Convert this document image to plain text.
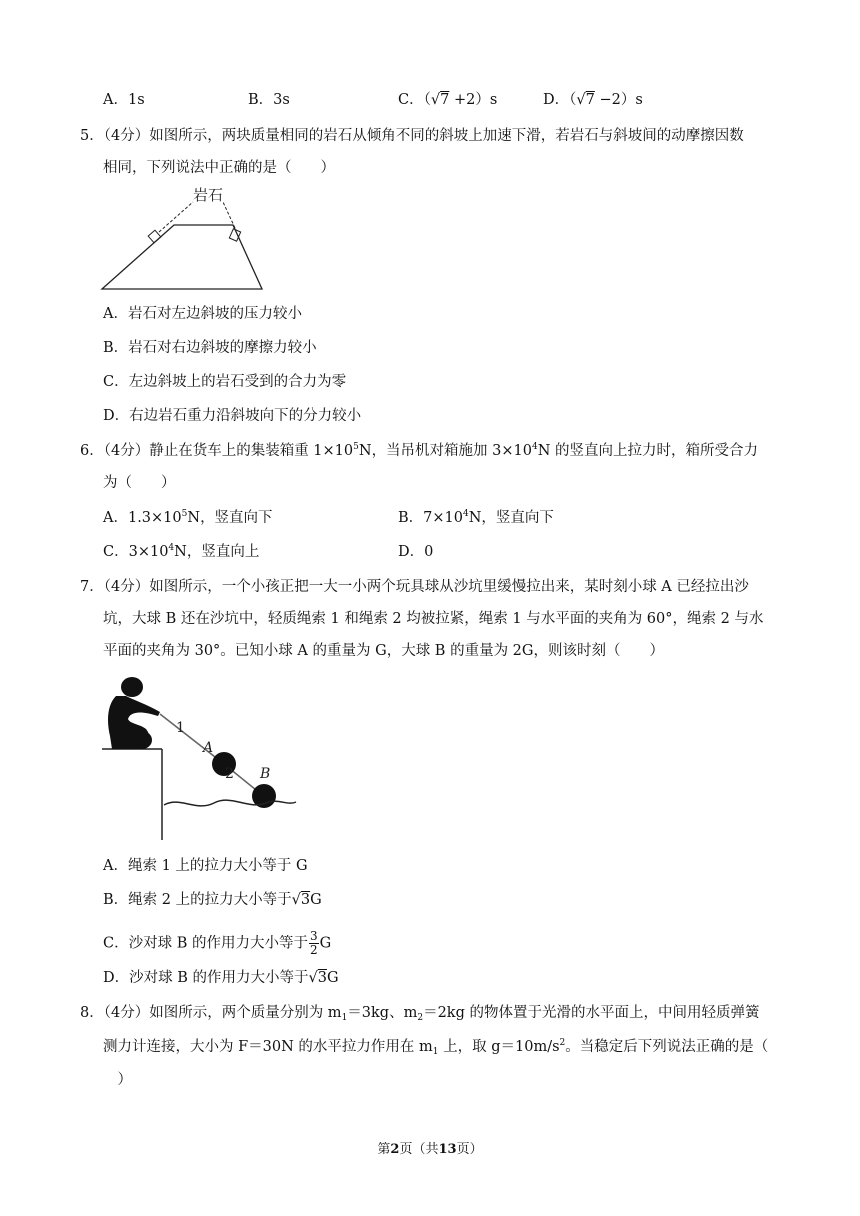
A．1s	B．3s	C．（√7 +2）s	D．（√7 −2）s
5．（4分）如图所示，两块质量相同的岩石从倾角不同的斜坡上加速下滑，若岩石与斜坡间的动摩擦因数
相同，下列说法中正确的是（　　）
岩石
A．岩石对左边斜坡的压力较小
B．岩石对右边斜坡的摩擦力较小
C．左边斜坡上的岩石受到的合力为零
D．右边岩石重力沿斜坡向下的分力较小
6．（4分）静止在货车上的集装箱重 $1\times 10^5N$，当吊机对箱施加 $3\times 10^4N$ 的竖直向上拉力时，箱所受合力
为（　　）
A．$1.3\times 10^5N$，竖直向下	B．$7\times 10^4N$，竖直向下
C．$3\times 10^4N$，竖直向上	D．0
7．（4分）如图所示，一个小孩正把一大一小两个玩具球从沙坑里缓慢拉出来，某时刻小球 A 已经拉出沙
坑，大球 B 还在沙坑中，轻质绳索 1 和绳索 2 均被拉紧，绳索 1 与水平面的夹角为 60°，绳索 2 与水
平面的夹角为 30°。已知小球 A 的重量为 G，大球 B 的重量为 2G，则该时刻（　　）
1
A
2 B
A．绳索 1 上的拉力大小等于 G
B．绳索 2 上的拉力大小等于√3G
C．沙对球 B 的作用力大小等于 $\frac{3}{2}$ G
D．沙对球 B 的作用力大小等于√3G
8．（4分）如图所示，两个质量分别为 $m_1=3kg$、$m_2=2kg$ 的物体置于光滑的水平面上，中间用轻质弹簧
测力计连接，大小为 F＝30N 的水平拉力作用在 $m_1$ 上，取 $g=10m/s^2$。当稳定后下列说法正确的是（
　）
第2页（共13页）
